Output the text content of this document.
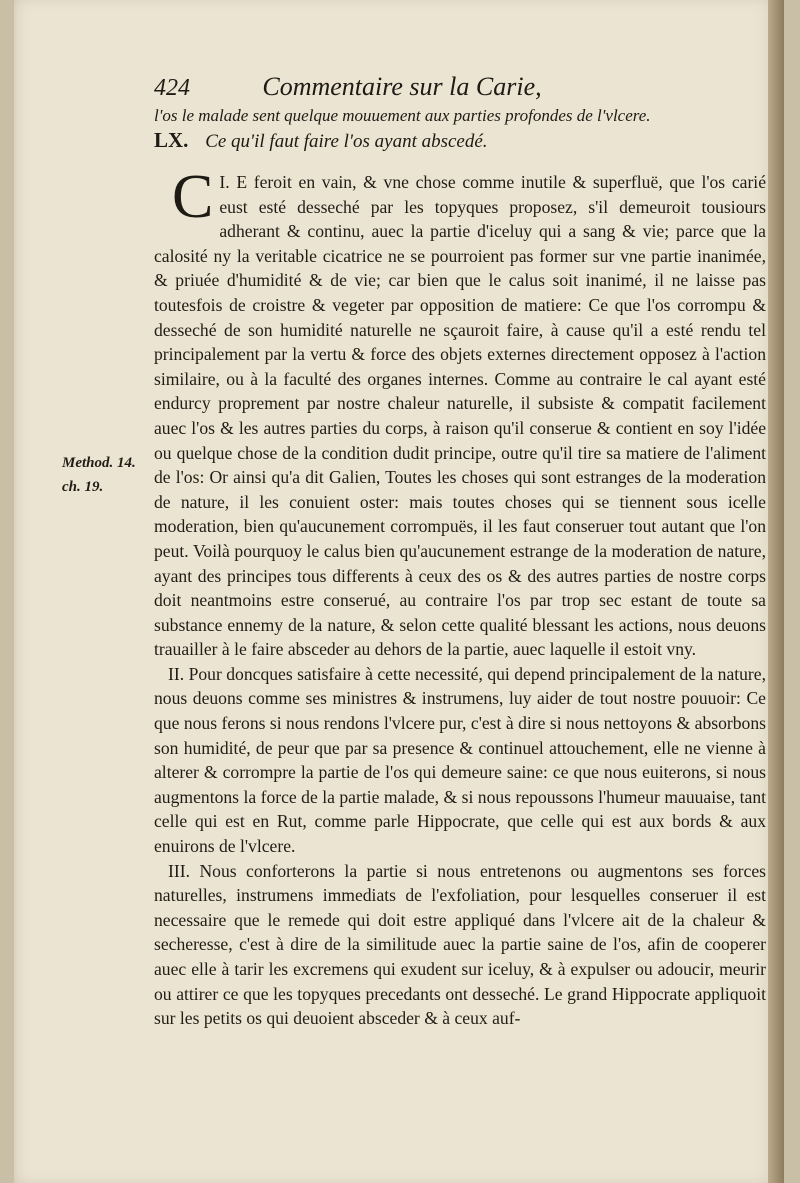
424	Commentaire sur la Carie,
l'os le malade sent quelque mouuement aux parties profondes de l'vlcere.
LX. Ce qu'il faut faire l'os ayant abscedé.
Method. 14.
ch. 19.

I.
C E feroit en vain, & vne chose comme inutile & superfluë, que l'os carié eust esté desseché par les topyques proposez, s'il demeuroit tousiours adherant & continu, auec la partie d'iceluy qui a sang & vie; parce que la calosité ny la veritable cicatrice ne se pourroient pas former sur vne partie inanimée, & priuée d'humidité & de vie; car bien que le calus soit inanimé, il ne laisse pas toutesfois de croistre & vegeter par opposition de matiere: Ce que l'os corrompu & desseché de son humidité naturelle ne sçauroit faire, à cause qu'il a esté rendu tel principalement par la vertu & force des objets externes directement opposez à l'action similaire, ou à la faculté des organes internes. Comme au contraire le cal ayant esté endurcy proprement par nostre chaleur naturelle, il subsiste & compatit facilement auec l'os & les autres parties du corps, à raison qu'il conserue & contient en soy l'idée ou quelque chose de la condition dudit principe, outre qu'il tire sa matiere de l'aliment de l'os: Or ainsi qu'a dit Galien, Toutes les choses qui sont estranges de la moderation de nature, il les conuient oster: mais toutes choses qui se tiennent sous icelle moderation, bien qu'aucunement corrompuës, il les faut conseruer tout autant que l'on peut. Voilà pourquoy le calus bien qu'aucunement estrange de la moderation de nature, ayant des principes tous differents à ceux des os & des autres parties de nostre corps doit neantmoins estre conserué, au contraire l'os par trop sec estant de toute sa substance ennemy de la nature, & selon cette qualité blessant les actions, nous deuons trauailler à le faire absceder au dehors de la partie, auec laquelle il estoit vny.

II. Pour doncques satisfaire à cette necessité, qui depend principalement de la nature, nous deuons comme ses ministres & instrumens, luy aider de tout nostre pouuoir: Ce que nous ferons si nous rendons l'vlcere pur, c'est à dire si nous nettoyons & absorbons son humidité, de peur que par sa presence & continuel attouchement, elle ne vienne à alterer & corrompre la partie de l'os qui demeure saine: ce que nous euiterons, si nous augmentons la force de la partie malade, & si nous repoussons l'humeur mauuaise, tant celle qui est en Rut, comme parle Hippocrate, que celle qui est aux bords & aux enuirons de l'vlcere.

III. Nous conforterons la partie si nous entretenons ou augmentons ses forces naturelles, instrumens immediats de l'exfoliation, pour lesquelles conseruer il est necessaire que le remede qui doit estre appliqué dans l'vlcere ait de la chaleur & secheresse, c'est à dire de la similitude auec la partie saine de l'os, afin de cooperer auec elle à tarir les excremens qui exudent sur iceluy, & à expulser ou adoucir, meurir ou attirer ce que les topyques precedants ont desseché. Le grand Hippocrate appliquoit sur les petits os qui deuoient absceder & à ceux auf-
